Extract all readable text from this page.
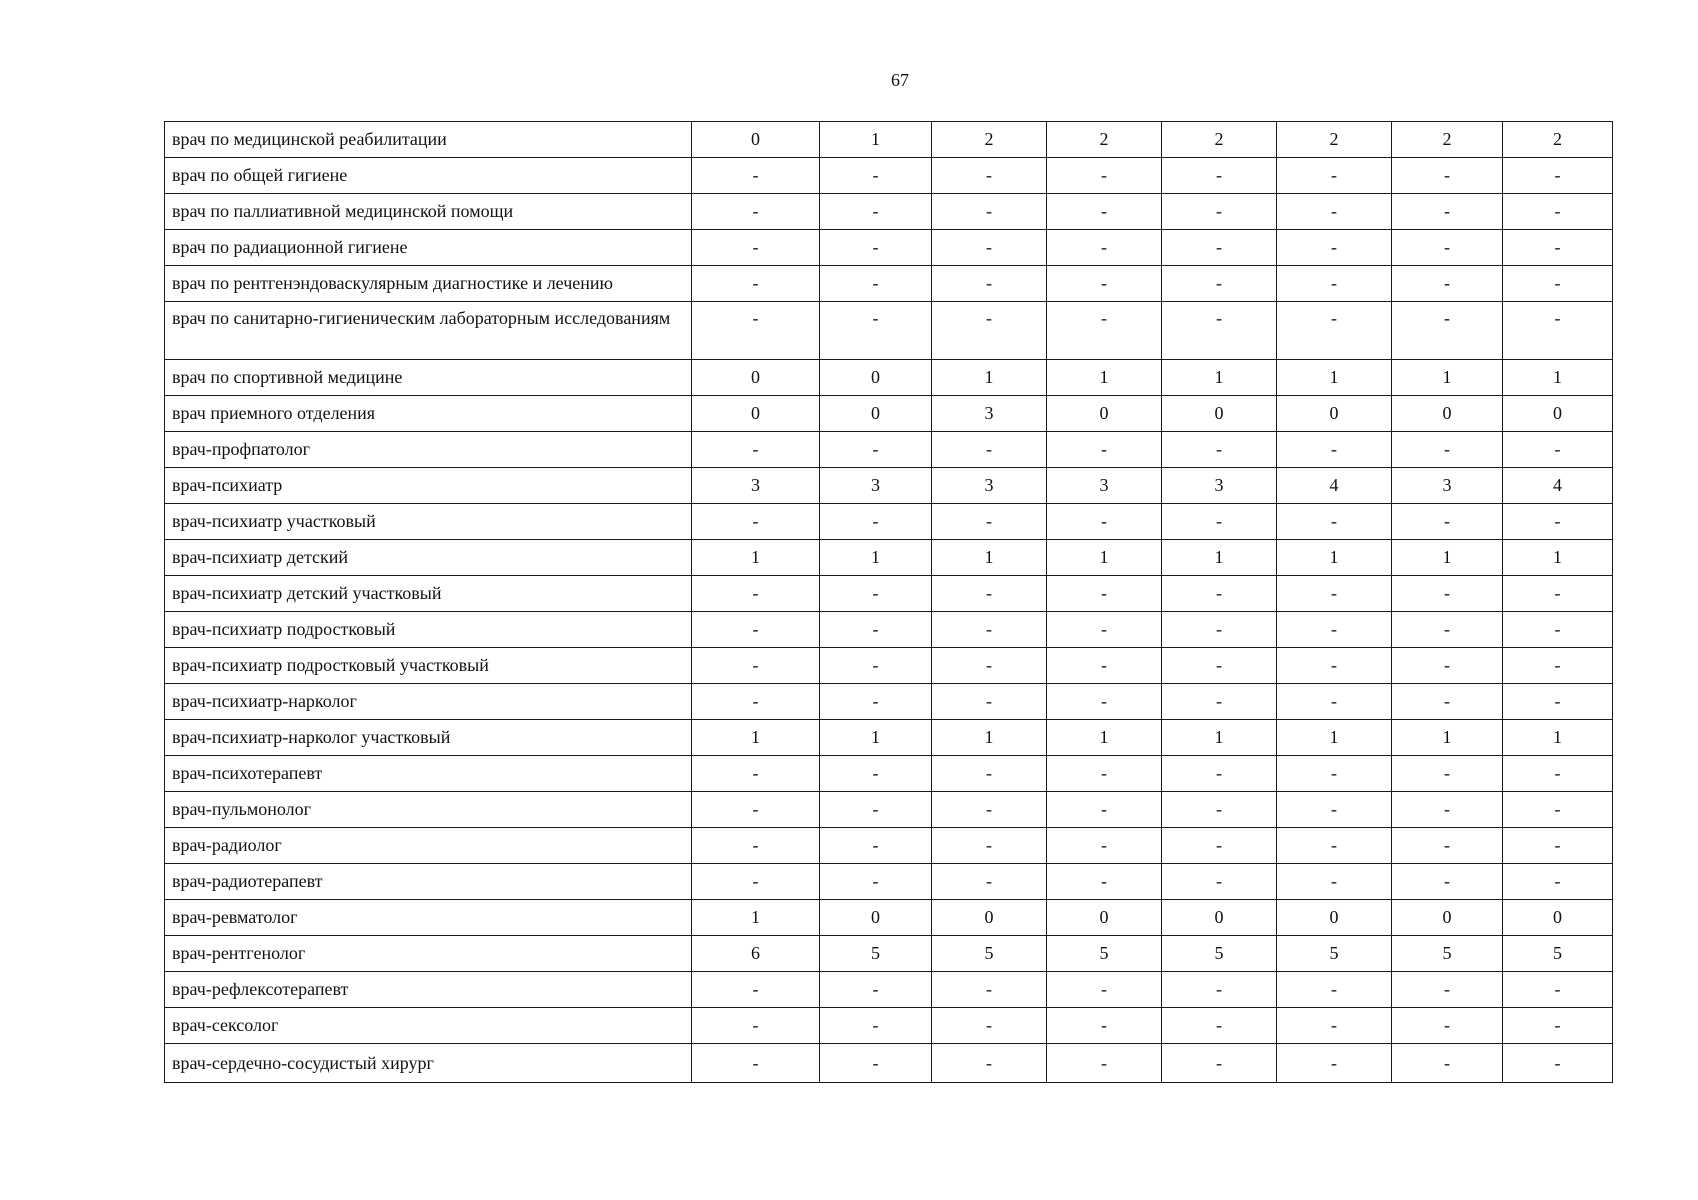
67
врач по медицинской реабилитации	0	1	2	2	2	2	2	2
врач по общей гигиене	-	-	-	-	-	-	-	-
врач по паллиативной медицинской помощи	-	-	-	-	-	-	-	-
врач по радиационной гигиене	-	-	-	-	-	-	-	-
врач по рентгенэндоваскулярным диагностике и лечению	-	-	-	-	-	-	-	-
врач по санитарно-гигиеническим лабораторным исследованиям	-	-	-	-	-	-	-	-
врач по спортивной медицине	0	0	1	1	1	1	1	1
врач приемного отделения	0	0	3	0	0	0	0	0
врач-профпатолог	-	-	-	-	-	-	-	-
врач-психиатр	3	3	3	3	3	4	3	4
врач-психиатр участковый	-	-	-	-	-	-	-	-
врач-психиатр детский	1	1	1	1	1	1	1	1
врач-психиатр детский участковый	-	-	-	-	-	-	-	-
врач-психиатр подростковый	-	-	-	-	-	-	-	-
врач-психиатр подростковый участковый	-	-	-	-	-	-	-	-
врач-психиатр-нарколог	-	-	-	-	-	-	-	-
врач-психиатр-нарколог участковый	1	1	1	1	1	1	1	1
врач-психотерапевт	-	-	-	-	-	-	-	-
врач-пульмонолог	-	-	-	-	-	-	-	-
врач-радиолог	-	-	-	-	-	-	-	-
врач-радиотерапевт	-	-	-	-	-	-	-	-
врач-ревматолог	1	0	0	0	0	0	0	0
врач-рентгенолог	6	5	5	5	5	5	5	5
врач-рефлексотерапевт	-	-	-	-	-	-	-	-
врач-сексолог	-	-	-	-	-	-	-	-
врач-сердечно-сосудистый хирург	-	-	-	-	-	-	-	-
